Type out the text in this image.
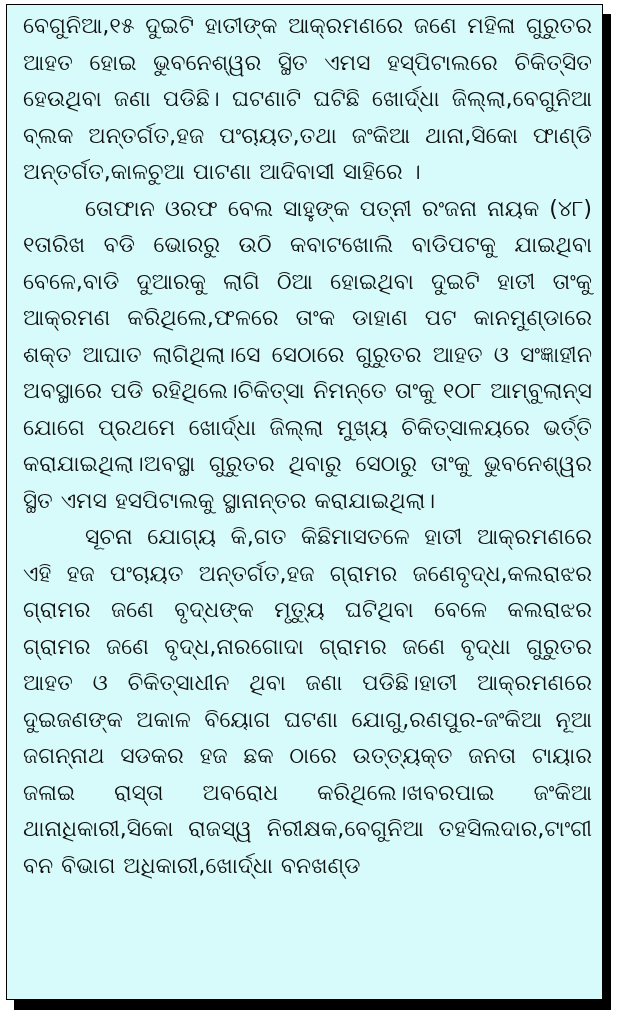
ବେଗୁନିଆ,୧୫ ଦୁଇଟି ହାତୀଙ୍କ ଆକ୍ରମଣରେ ଜଣେ ମହିଳା ଗୁରୁତର ଆହତ ହୋଇ ଭୁବନେଶ୍ୱର ସ୍ଥିତ ଏମସ ହସ୍ପିଟାଲରେ ଚିକିତ୍ସିତ ହେଉଥିବା ଜଣା ପଡିଛି। ଘଟଣାଟି ଘଟିଛି ଖୋର୍ଦ୍ଧା ଜିଲ୍ଲା,ବେଗୁନିଆ ବ୍ଲକ ଅନ୍ତର୍ଗତ,ହଜ ପଂଚାୟତ,ତଥା ଜଂକିଆ ଥାନା,ସିକୋ ଫାଣ୍ଡି ଅନ୍ତର୍ଗତ,କାଳଚୁଆ ପାଟଣା ଆଦିବାସୀ ସାହିରେ ।

ତୋଫାନ ଓରଫ ବେଲ ସାହୁଙ୍କ ପତ୍ନୀ ରଂଜନା ନାୟକ (୪୮) ୧ତାରିଖ ବଡି ଭୋରରୁ ଉଠି କବାଟଖୋଲି ବାଡିପଟକୁ ଯାଇଥିବା ବେଳେ,ବାଡି ଦୁଆରକୁ ଲାଗି ଠିଆ ହୋଇଥିବା ଦୁଇଟି ହାତୀ ତାଂକୁ ଆକ୍ରମଣ କରିଥିଲେ,ଫଳରେ ତାଂକ ଡାହାଣ ପଟ କାନମୁଣ୍ଡାରେ ଶକ୍ତ ଆଘାତ ଲାଗିଥିଲା।ସେ ସେଠାରେ ଗୁରୁତର ଆହତ ଓ ସଂଜ୍ଞାହୀନ ଅବସ୍ଥାରେ ପଡି ରହିଥିଲେ।ଚିକିତ୍ସା ନିମନ୍ତେ ତାଂକୁ ୧୦୮ ଆମ୍ବୁଲାନ୍ସ ଯୋଗେ ପ୍ରଥମେ ଖୋର୍ଦ୍ଧା ଜିଲ୍ଲା ମୁଖ୍ୟ ଚିକିତ୍ସାଳୟରେ ଭର୍ତ୍ତି କରାଯାଇଥିଲା।ଅବସ୍ଥା ଗୁରୁତର ଥିବାରୁ ସେଠାରୁ ତାଂକୁ ଭୁବନେଶ୍ୱର ସ୍ଥିତ ଏମସ ହସପିଟାଲକୁ ସ୍ଥାନାନ୍ତର କରାଯାଇଥିଲା।

ସୂଚନା ଯୋଗ୍ୟ କି,ଗତ କିଛିମାସତଳେ ହାତୀ ଆକ୍ରମଣରେ ଏହି ହଜ ପଂଚାୟତ ଅନ୍ତର୍ଗତ,ହଜ ଗ୍ରାମର ଜଣେବୃଦ୍ଧ,କଲରାଝର ଗ୍ରାମର ଜଣେ ବୃଦ୍ଧଙ୍କ ମୃତ୍ୟୁ ଘଟିଥିବା ବେଳେ କଲରାଝର ଗ୍ରାମର ଜଣେ ବୃଦ୍ଧ,ନାରଗୋଦା ଗ୍ରାମର ଜଣେ ବୃଦ୍ଧା ଗୁରୁତର ଆହତ ଓ ଚିକିତ୍ସାଧୀନ ଥିବା ଜଣା ପଡିଛି।ହାତୀ ଆକ୍ରମଣରେ ଦୁଇଜଣଙ୍କ ଅକାଳ ବିୟୋଗ ଘଟଣା ଯୋଗୁ,ରଣପୁର-ଜଂକିଆ ନୂଆ ଜଗନ୍ନାଥ ସଡକର ହଜ ଛକ ଠାରେ ଉତ୍ତ୍ୟକ୍ତ ଜନତା ଟାୟାର ଜଳାଇ ରାସ୍ତା ଅବରୋଧ କରିଥିଲେ।ଖବରପାଇ ଜଂକିଆ ଥାନାଧିକାରୀ,ସିକୋ ରାଜସ୍ୱ ନିରୀକ୍ଷକ,ବେଗୁନିଆ ତହସିଲଦାର,ଟାଂଗୀ ବନ ବିଭାଗ ଅଧିକାରୀ,ଖୋର୍ଦ୍ଧା ବନଖଣ୍ଡ
